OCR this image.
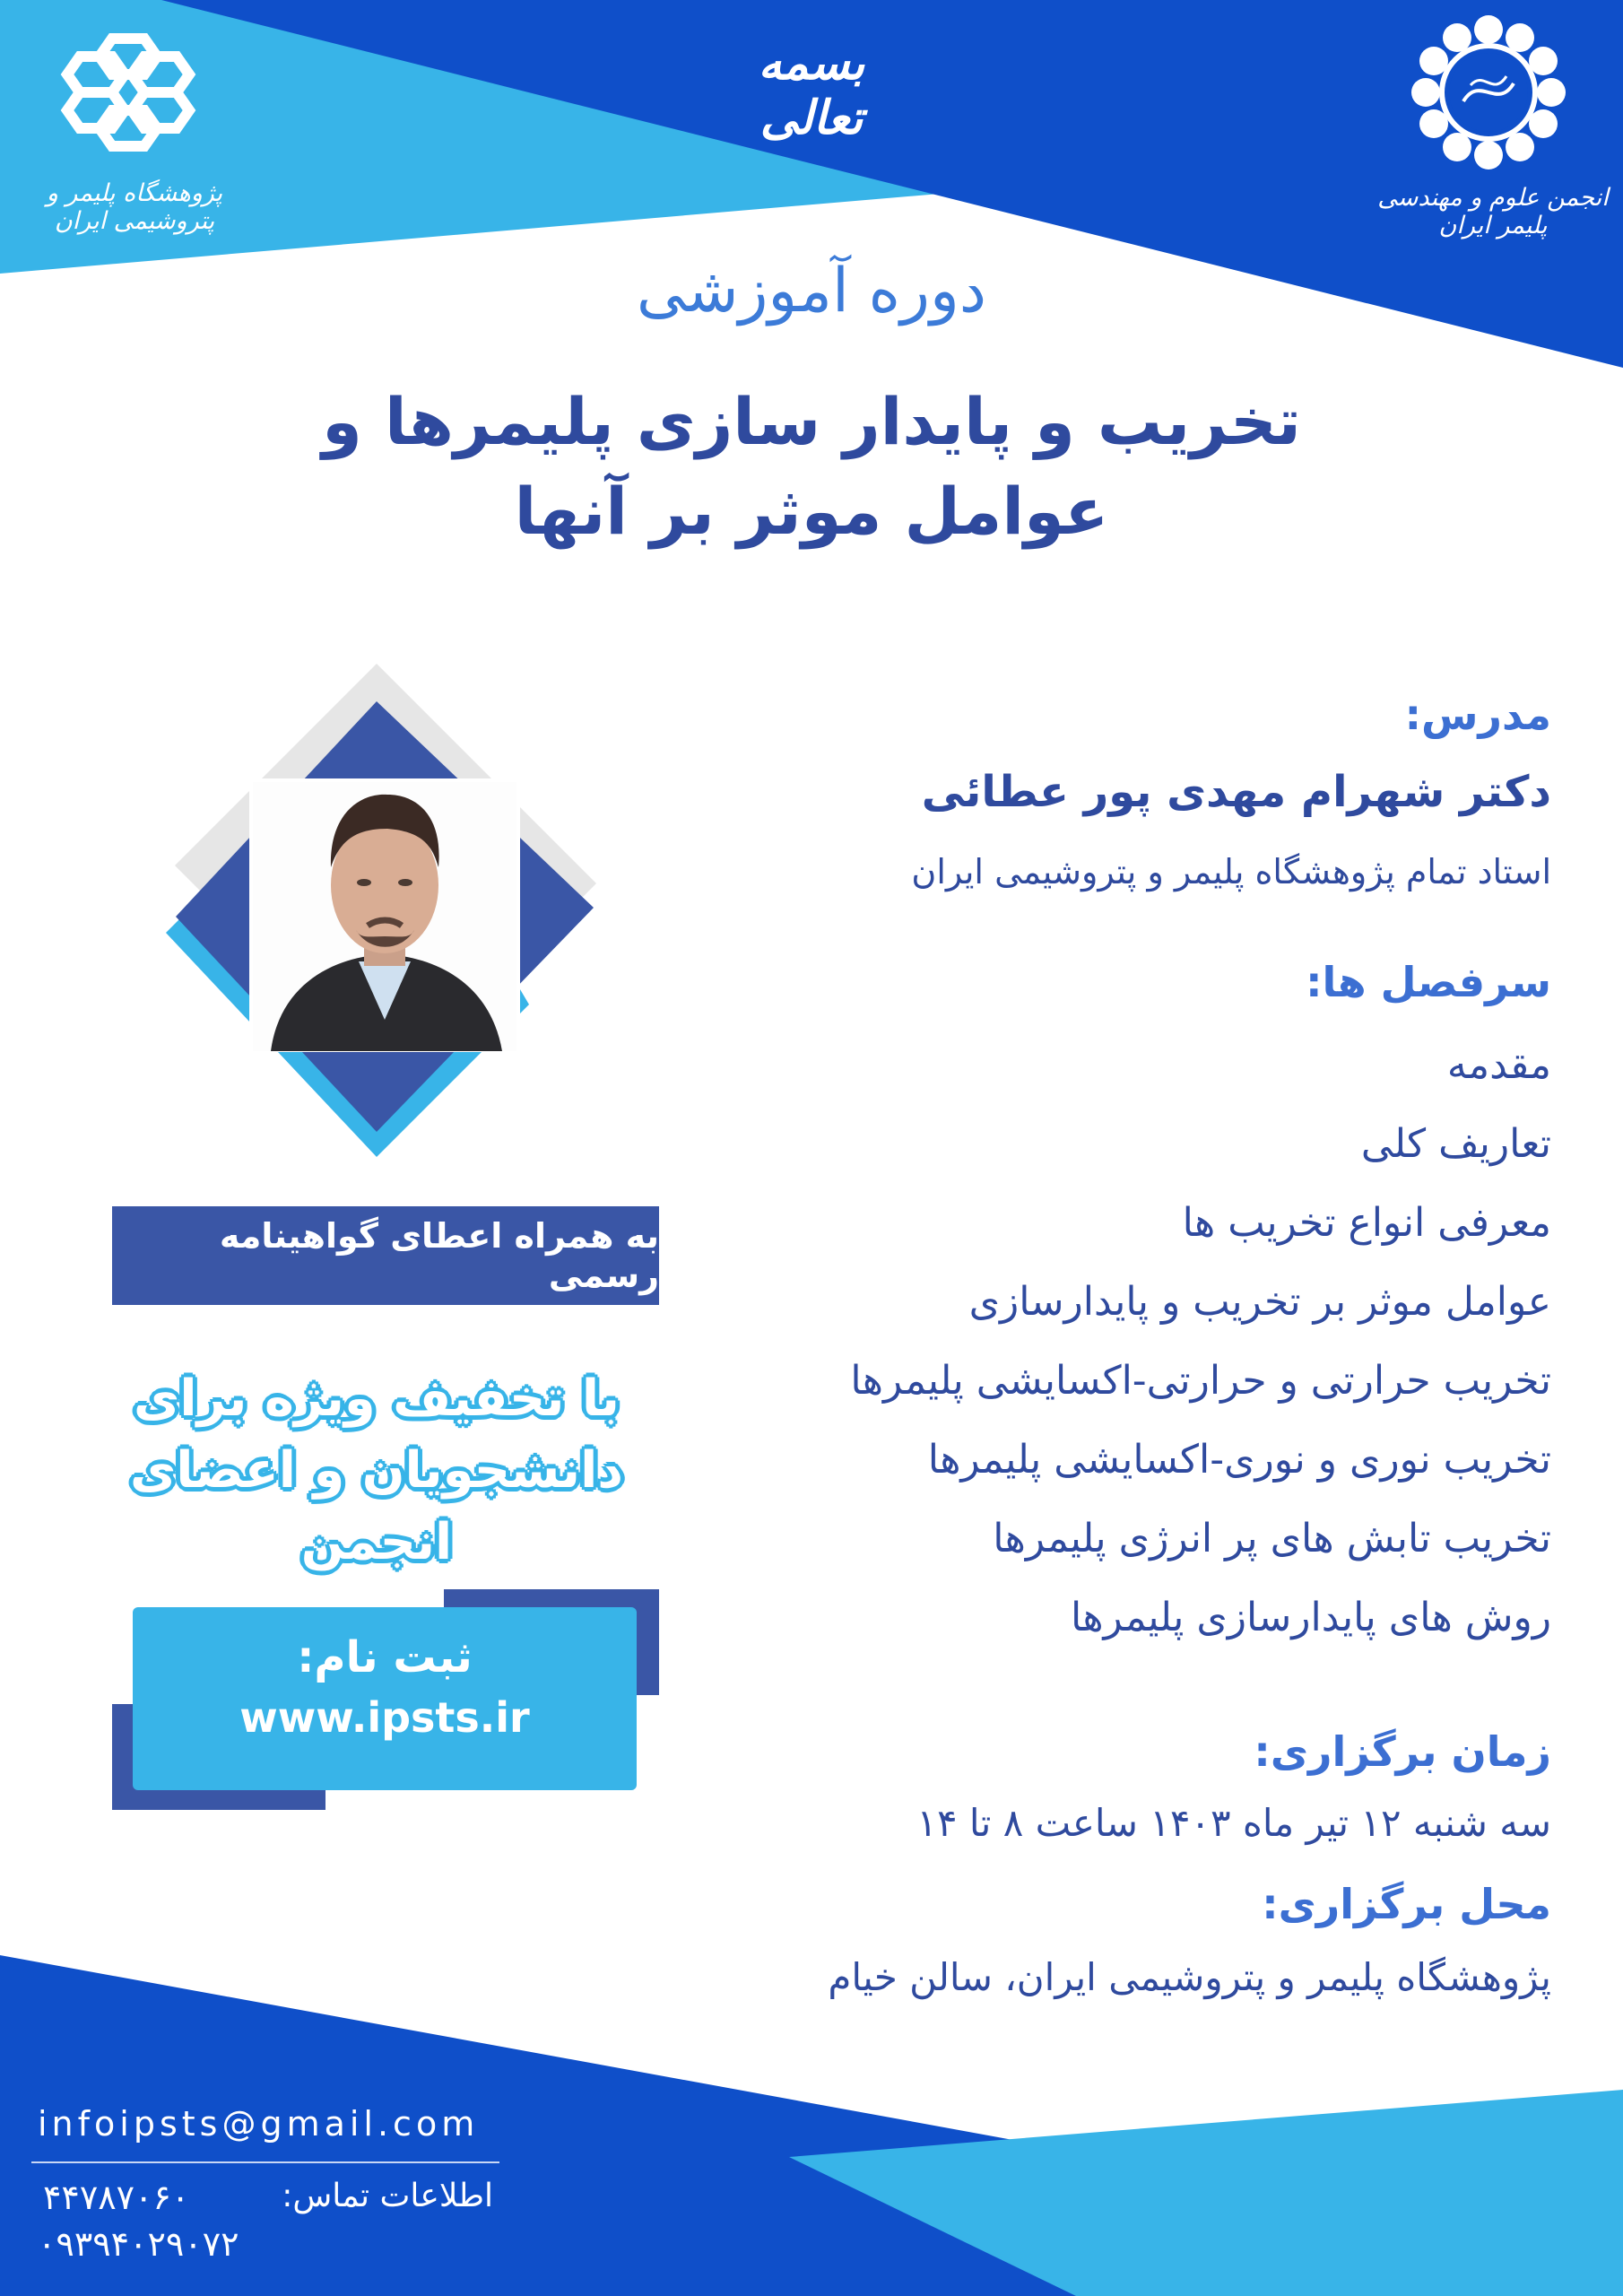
بسمه تعالی
پژوهشگاه پلیمر و پتروشیمی ایران
انجمن علوم و مهندسی پلیمر ایران
دوره آموزشی
تخریب و پایدار سازی پلیمرها و
عوامل موثر بر آنها
مدرس:
دکتر شهرام مهدی پور عطائی
استاد تمام پژوهشگاه پلیمر و پتروشیمی ایران
سرفصل ها:
مقدمه
تعاریف کلی
معرفی انواع تخریب ها
عوامل موثر بر تخریب و پایدارسازی
تخریب حرارتی و حرارتی-اکسایشی پلیمرها
تخریب نوری و نوری-اکسایشی پلیمرها
تخریب تابش های پر انرژی پلیمرها
روش های پایدارسازی پلیمرها
زمان برگزاری:
سه شنبه ۱۲ تیر ماه ۱۴۰۳ ساعت ۸ تا ۱۴
محل برگزاری:
پژوهشگاه پلیمر و پتروشیمی ایران، سالن خیام
به همراه اعطای گواهینامه رسمی
با تخفیف ویژه برای
دانشجویان و اعضای انجمن
ثبت نام:
www.ipsts.ir
infoipsts@gmail.com
اطلاعات تماس:
۴۴۷۸۷۰۶۰
۰۹۳۹۴۰۲۹۰۷۲
